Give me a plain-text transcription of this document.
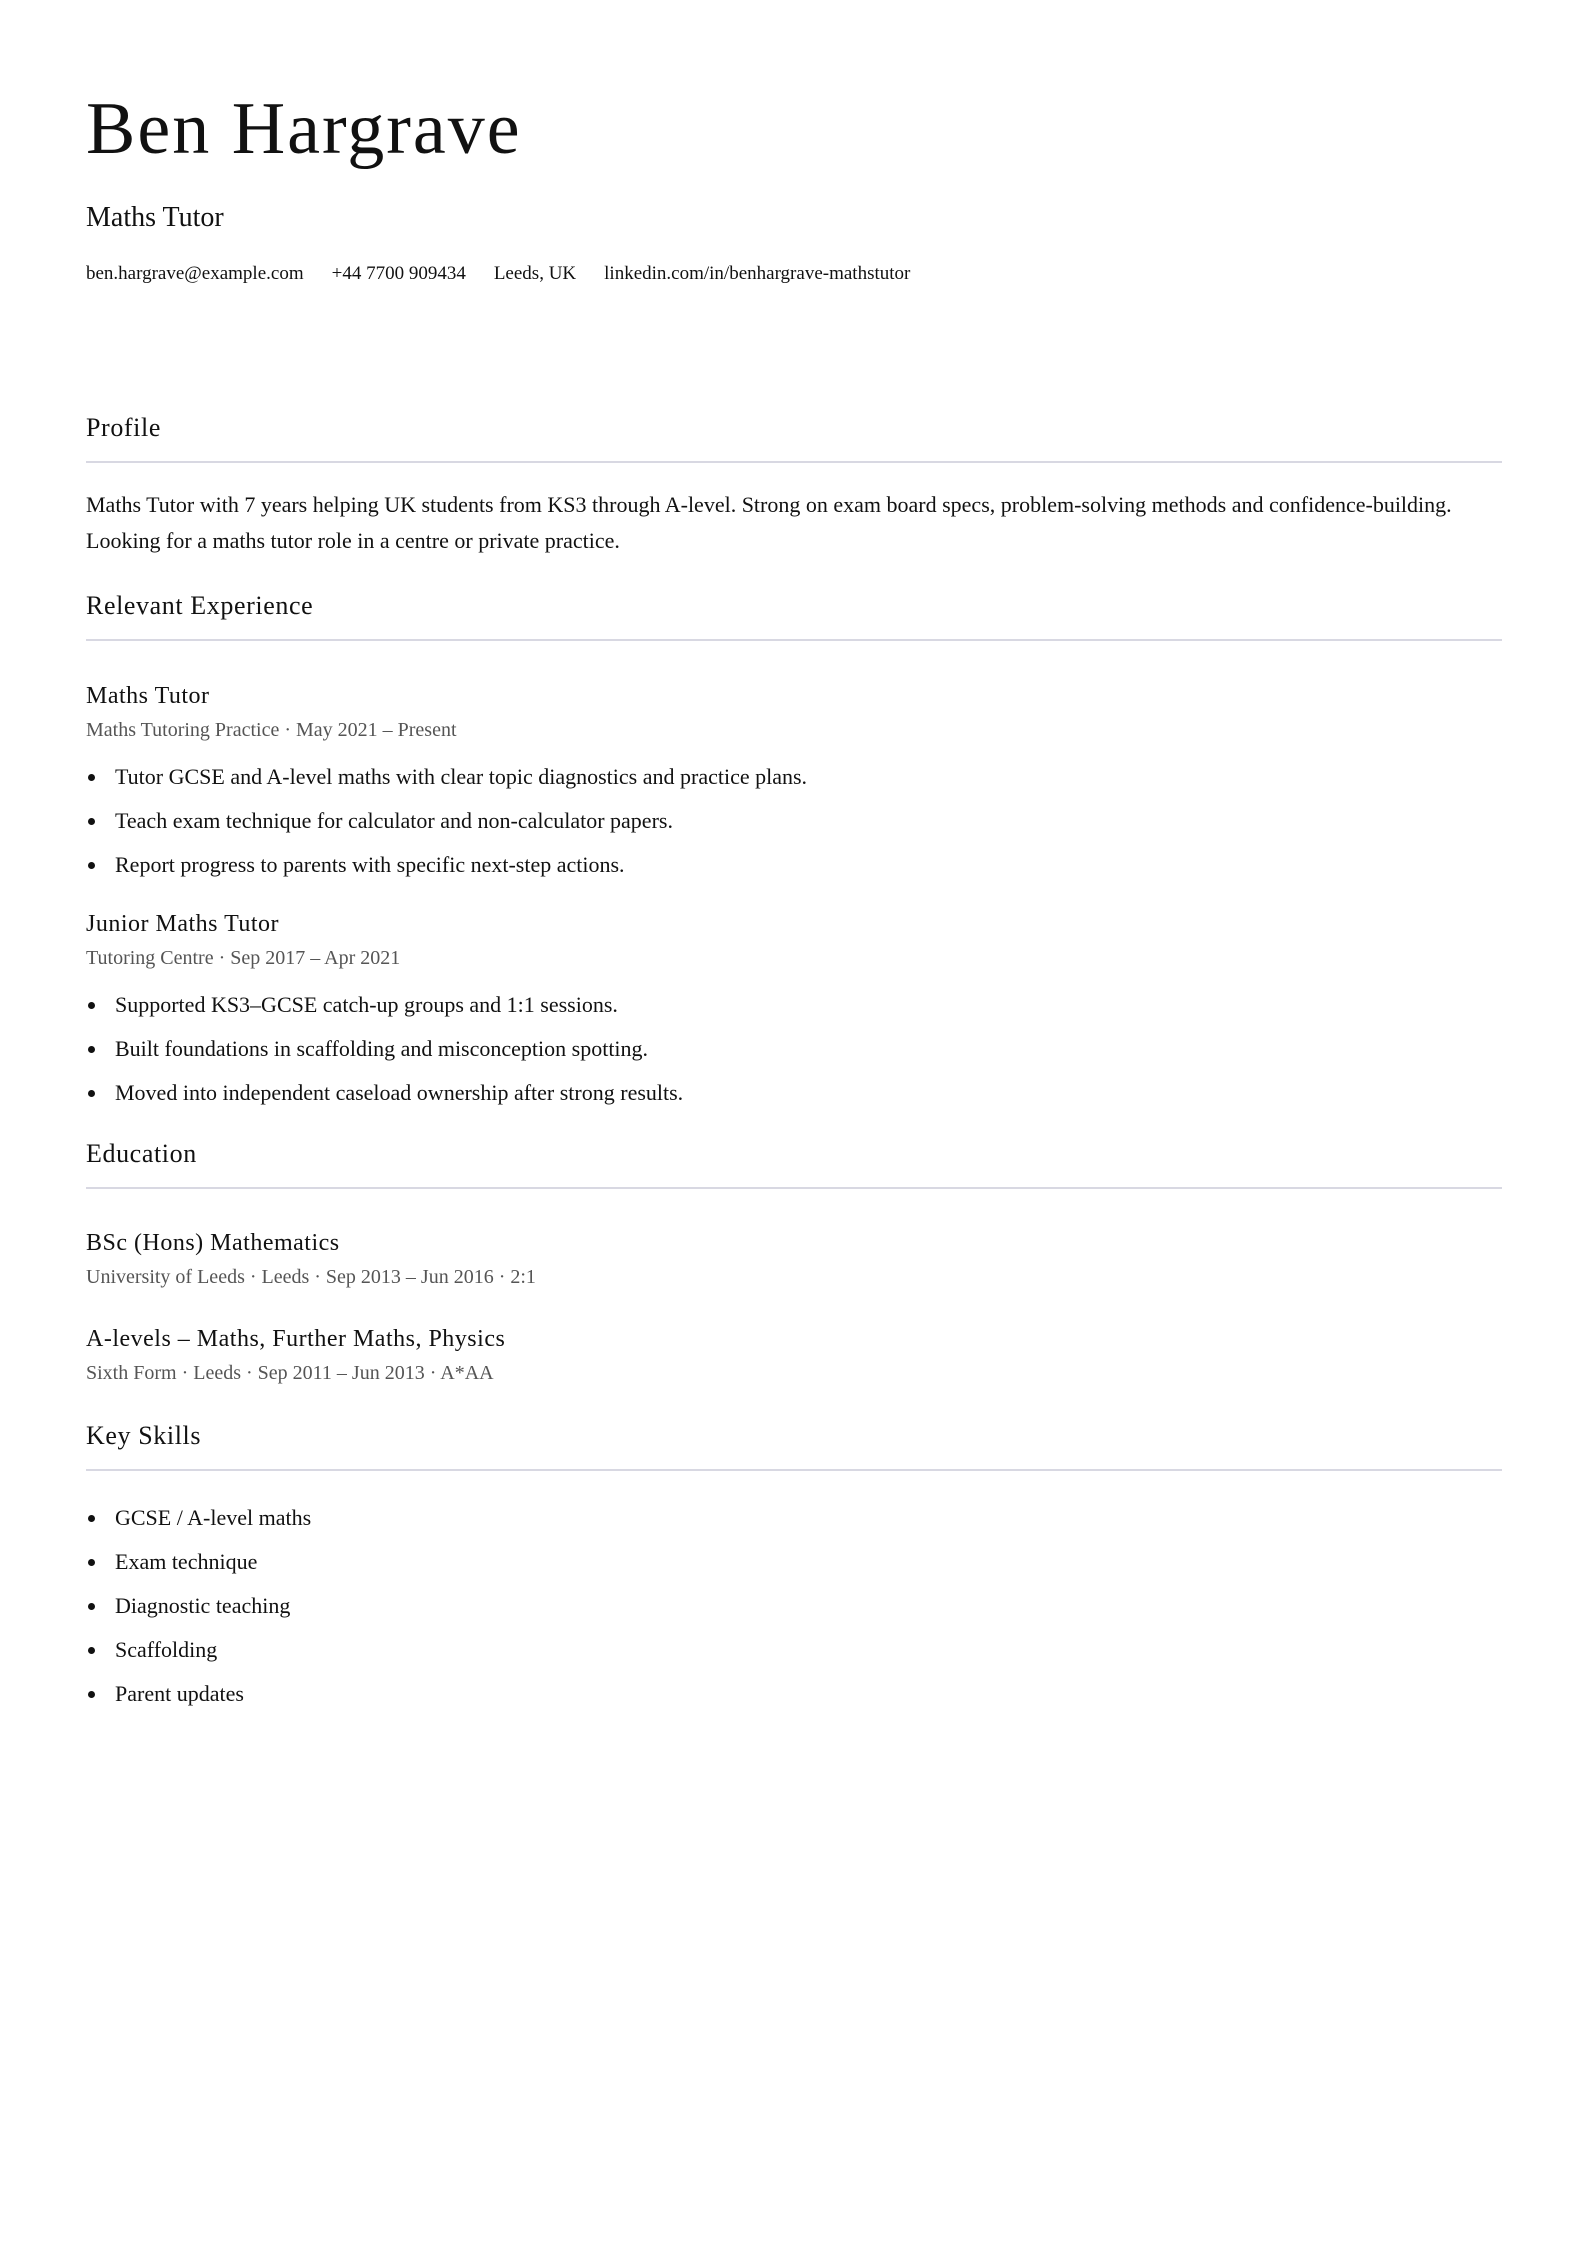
Ben Hargrave
Maths Tutor
ben.hargrave@example.com +44 7700 909434 Leeds, UK linkedin.com/in/benhargrave-mathstutor
Profile
Maths Tutor with 7 years helping UK students from KS3 through A-level. Strong on exam board specs, problem-solving methods and confidence-building. Looking for a maths tutor role in a centre or private practice.
Relevant Experience
Maths Tutor
Maths Tutoring Practice · May 2021 – Present
Tutor GCSE and A-level maths with clear topic diagnostics and practice plans.
Teach exam technique for calculator and non-calculator papers.
Report progress to parents with specific next-step actions.
Junior Maths Tutor
Tutoring Centre · Sep 2017 – Apr 2021
Supported KS3–GCSE catch-up groups and 1:1 sessions.
Built foundations in scaffolding and misconception spotting.
Moved into independent caseload ownership after strong results.
Education
BSc (Hons) Mathematics
University of Leeds · Leeds · Sep 2013 – Jun 2016 · 2:1
A-levels – Maths, Further Maths, Physics
Sixth Form · Leeds · Sep 2011 – Jun 2013 · A*AA
Key Skills
GCSE / A-level maths
Exam technique
Diagnostic teaching
Scaffolding
Parent updates
